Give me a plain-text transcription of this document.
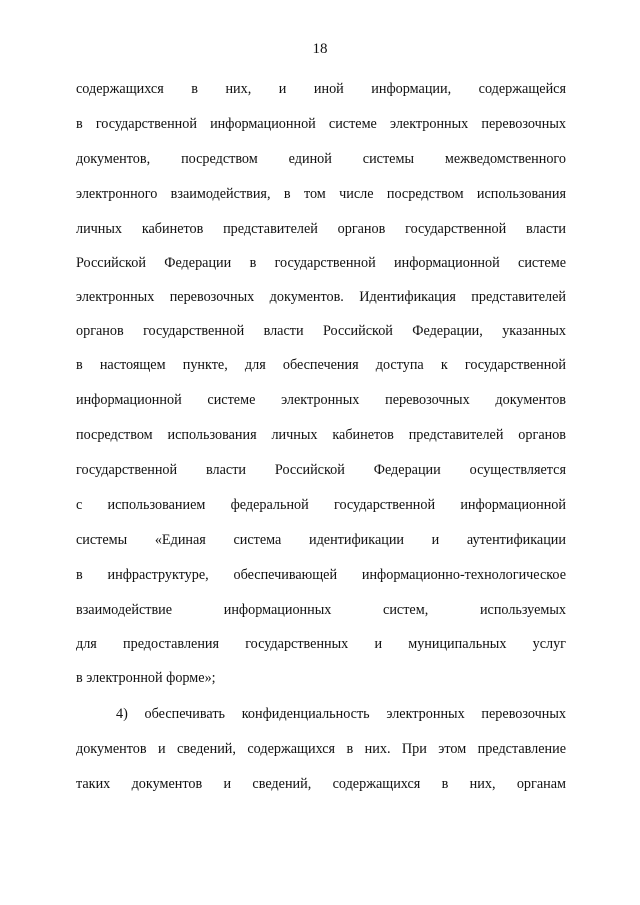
18
содержащихся в них, и иной информации, содержащейся
в государственной информационной системе электронных перевозочных
документов, посредством единой системы межведомственного
электронного взаимодействия, в том числе посредством использования
личных кабинетов представителей органов государственной власти
Российской Федерации в государственной информационной системе
электронных перевозочных документов. Идентификация представителей
органов государственной власти Российской Федерации, указанных
в настоящем пункте, для обеспечения доступа к государственной
информационной системе электронных перевозочных документов
посредством использования личных кабинетов представителей органов
государственной власти Российской Федерации осуществляется
с использованием федеральной государственной информационной
системы «Единая система идентификации и аутентификации
в инфраструктуре, обеспечивающей информационно-технологическое
взаимодействие информационных систем, используемых
для предоставления государственных и муниципальных услуг
в электронной форме»;
4) обеспечивать конфиденциальность электронных перевозочных
документов и сведений, содержащихся в них. При этом представление
таких документов и сведений, содержащихся в них, органам
